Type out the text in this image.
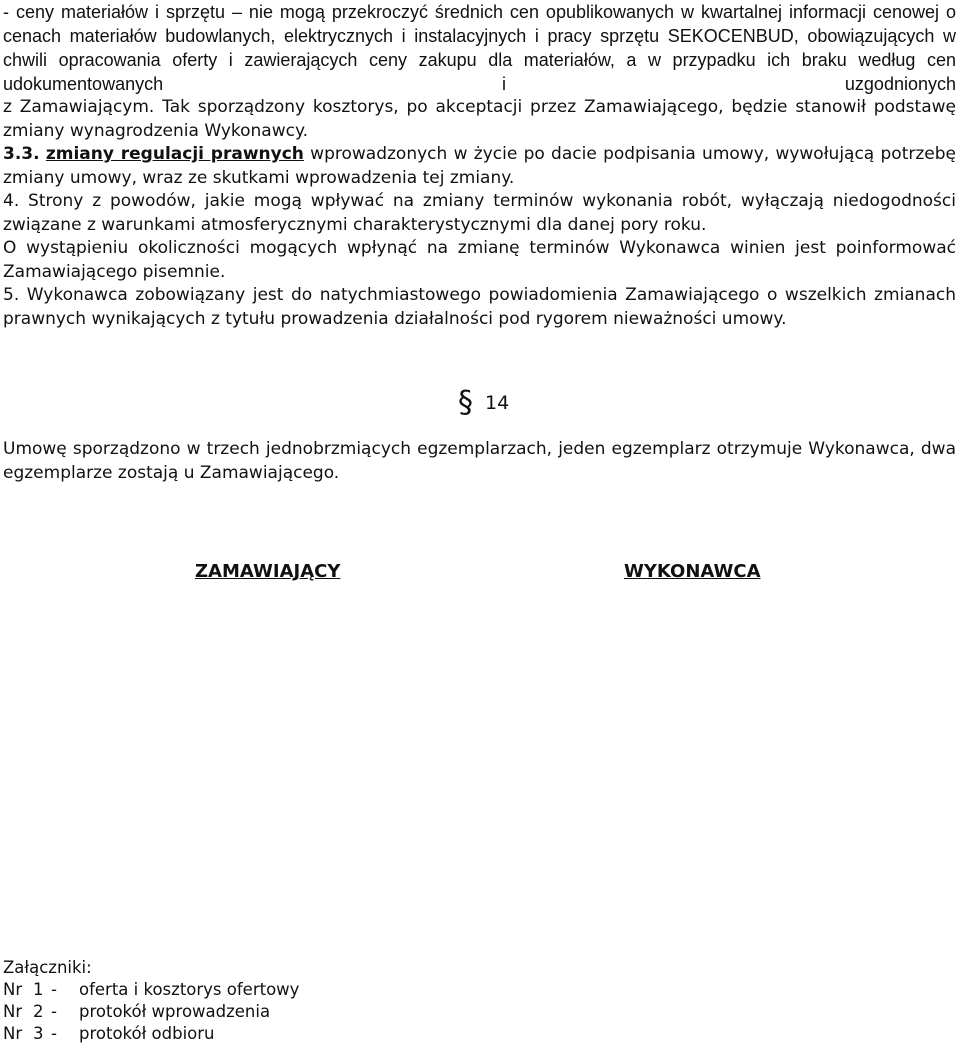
- ceny materiałów i sprzętu – nie mogą przekroczyć średnich cen opublikowanych w kwartalnej informacji cenowej o cenach materiałów budowlanych, elektrycznych i instalacyjnych i pracy sprzętu SEKOCENBUD, obowiązujących w chwili opracowania oferty i zawierających ceny zakupu dla materiałów, a w przypadku ich braku według cen udokumentowanych i uzgodnionych

z Zamawiającym. Tak sporządzony kosztorys, po akceptacji przez Zamawiającego, będzie stanowił podstawę zmiany wynagrodzenia Wykonawcy.

3.3. zmiany regulacji prawnych wprowadzonych w życie po dacie podpisania umowy, wywołującą potrzebę zmiany umowy, wraz ze skutkami wprowadzenia tej zmiany.

4. Strony z powodów, jakie mogą wpływać na zmiany terminów wykonania robót, wyłączają niedogodności związane z warunkami atmosferycznymi charakterystycznymi dla danej pory roku.

O wystąpieniu okoliczności mogących wpłynąć na zmianę terminów Wykonawca winien jest poinformować Zamawiającego pisemnie.

5. Wykonawca zobowiązany jest do natychmiastowego powiadomienia Zamawiającego o wszelkich zmianach prawnych wynikających z tytułu prowadzenia działalności pod rygorem nieważności umowy.

§ 14

Umowę sporządzono w trzech jednobrzmiących egzemplarzach, jeden egzemplarz otrzymuje Wykonawca, dwa egzemplarze zostają u Zamawiającego.

ZAMAWIAJĄCY	WYKONAWCA
Załączniki:
Nr 1 -	oferta i kosztorys ofertowy
Nr 2 -	protokół wprowadzenia
Nr 3 -	protokół odbioru
